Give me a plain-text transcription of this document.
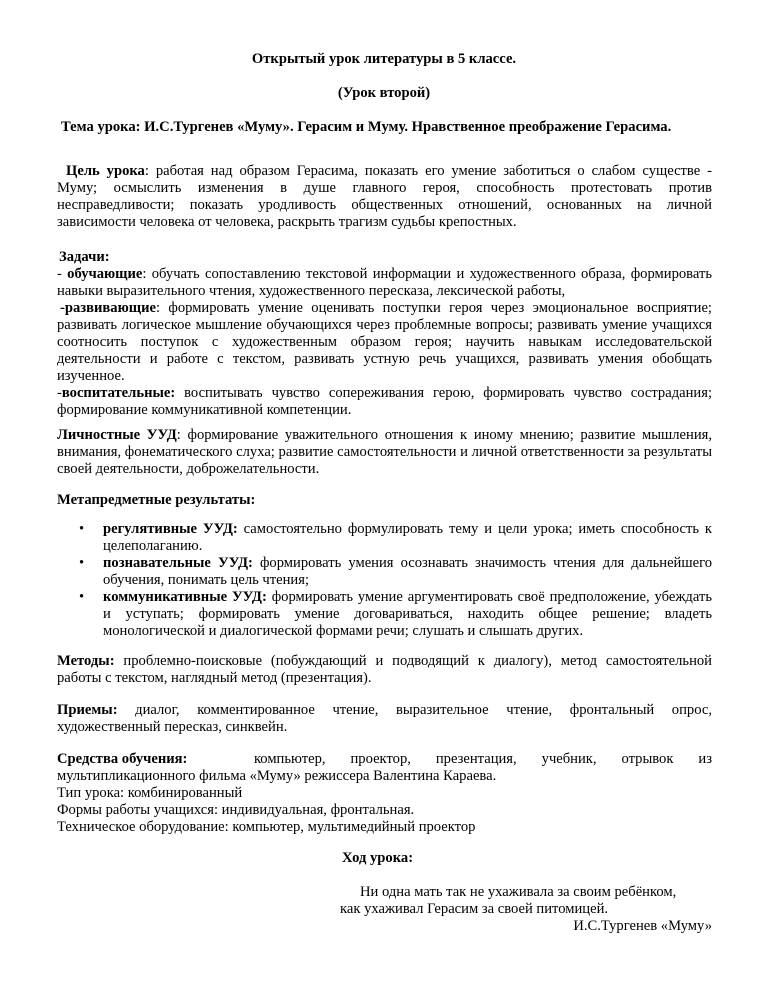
Открытый урок литературы в 5 классе.
(Урок второй)
Тема урока: И.С.Тургенев «Муму». Герасим и Муму. Нравственное преображение Герасима.
Цель урока: работая над образом Герасима, показать его умение заботиться о слабом существе - Муму; осмыслить изменения в душе главного героя, способность протестовать против несправедливости; показать уродливость общественных отношений, основанных на личной зависимости человека от человека, раскрыть трагизм судьбы крепостных.

Задачи:

- обучающие: обучать сопоставлению текстовой информации и художественного образа, формировать навыки выразительного чтения, художественного пересказа, лексической работы,

-развивающие: формировать умение оценивать поступки героя через эмоциональное восприятие; развивать логическое мышление обучающихся через проблемные вопросы; развивать умение учащихся соотносить поступок с художественным образом героя; научить навыкам исследовательской деятельности и работе с текстом, развивать устную речь учащихся, развивать умения обобщать изученное.

-воспитательные: воспитывать чувство сопереживания герою, формировать чувство сострадания; формирование коммуникативной компетенции.

Личностные УУД: формирование уважительного отношения к иному мнению; развитие мышления, внимания, фонематического слуха; развитие самостоятельности и личной ответственности за результаты своей деятельности, доброжелательности.
Метапредметные результаты:
• регулятивные УУД: самостоятельно формулировать тему и цели урока; иметь способность к целеполаганию.
• познавательные УУД: формировать умения осознавать значимость чтения для дальнейшего обучения, понимать цель чтения;
• коммуникативные УУД: формировать умение аргументировать своё предположение, убеждать и уступать; формировать умение договариваться, находить общее решение; владеть монологической и диалогической формами речи; слушать и слышать других.
Методы: проблемно-поисковые (побуждающий и подводящий к диалогу), метод самостоятельной работы с текстом, наглядный метод (презентация).
Приемы: диалог, комментированное чтение, выразительное чтение, фронтальный опрос, художественный пересказ, синквейн.
Средства обучения:	компьютер, проектор, презентация, учебник, отрывок из

мультипликационного фильма «Муму» режиссера Валентина Караева.

Тип урока: комбинированный

Формы работы учащихся: индивидуальная, фронтальная.

Техническое оборудование: компьютер, мультимедийный проектор

Ход урока:

Ни одна мать так не ухаживала за своим ребёнком,

как ухаживал Герасим за своей питомицей.

И.С.Тургенев «Муму»
